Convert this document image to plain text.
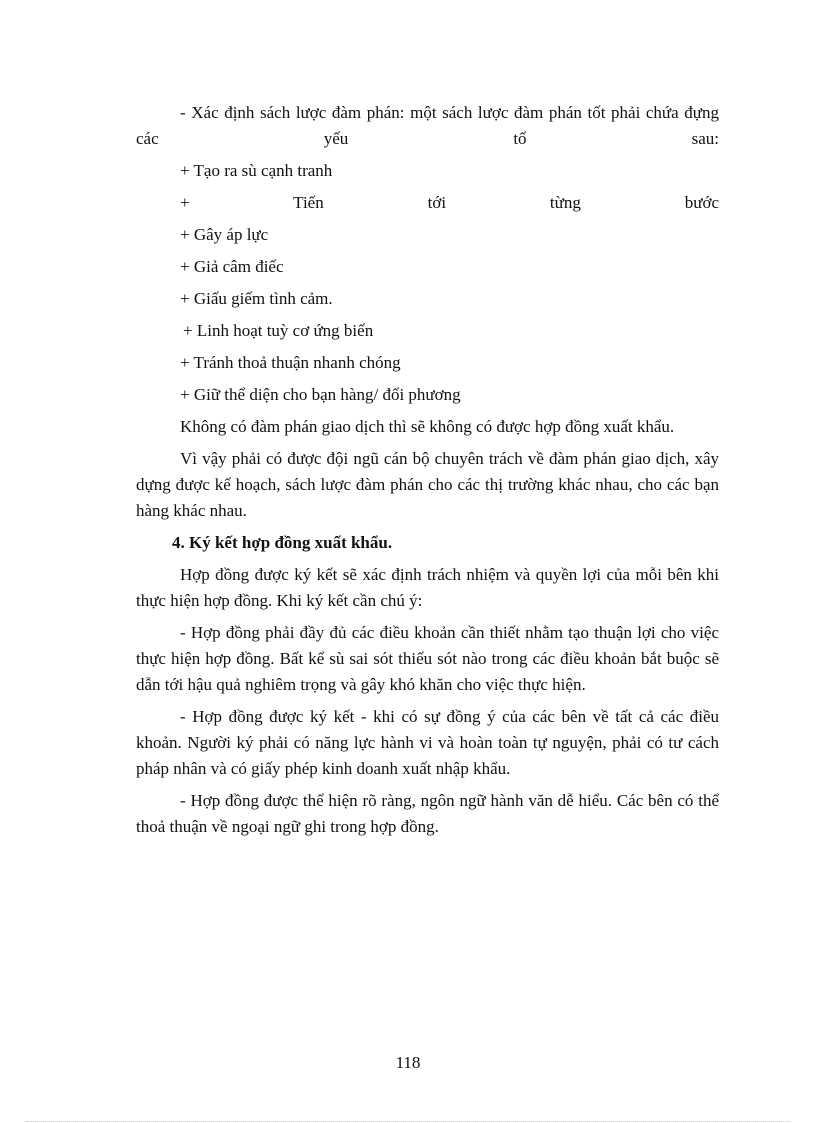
- Xác định sách lược đàm phán: một sách lược đàm phán tốt phải chứa đựng các yếu tố sau:

+ Tạo ra sù cạnh tranh
+ Tiến tới từng bước
+ Gây áp lực
+ Giả câm điếc
+ Giấu giếm tình cảm.
+ Linh hoạt tuỳ cơ ứng biến
+ Tránh thoả thuận nhanh chóng
+ Giữ thể diện cho bạn hàng/ đối phương

Không có đàm phán giao dịch thì sẽ không có được hợp đồng xuất khẩu.

Vì vậy phải có được đội ngũ cán bộ chuyên trách về đàm phán giao dịch, xây dựng được kế hoạch, sách lược đàm phán cho các thị trường khác nhau, cho các bạn hàng khác nhau.

4. Ký kết hợp đồng xuất khẩu.

Hợp đồng được ký kết sẽ xác định trách nhiệm và quyền lợi của mỗi bên khi thực hiện hợp đồng. Khi ký kết cần chú ý:

- Hợp đồng phải đầy đủ các điều khoản cần thiết nhằm tạo thuận lợi cho việc thực hiện hợp đồng. Bất kể sù sai sót thiếu sót nào trong các điều khoản bắt buộc sẽ dẫn tới hậu quả nghiêm trọng và gây khó khăn cho việc thực hiện.

- Hợp đồng được ký kết - khi có sự đồng ý của các bên về tất cả các điều khoản. Người ký phải có năng lực hành vi và hoàn toàn tự nguyện, phải có tư cách pháp nhân và có giấy phép kinh doanh xuất nhập khẩu.

- Hợp đồng được thể hiện rõ ràng, ngôn ngữ hành văn dễ hiểu. Các bên có thể thoả thuận về ngoại ngữ ghi trong hợp đồng.

118
